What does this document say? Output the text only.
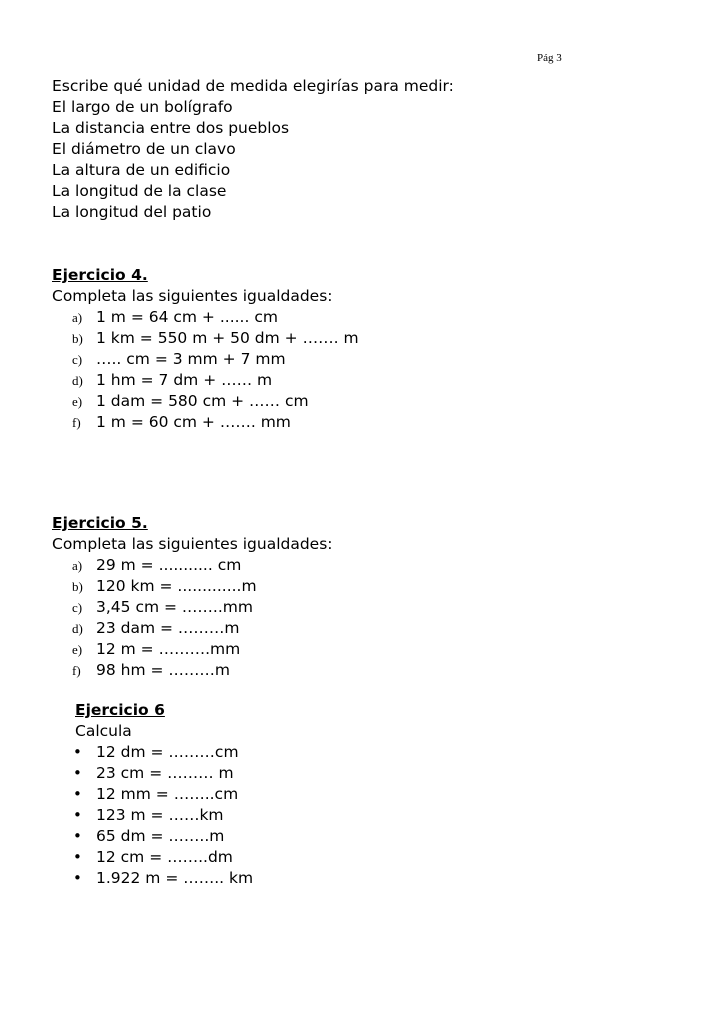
Pág 3
Escribe qué unidad de medida elegirías para medir:
El largo de un bolígrafo
La distancia entre dos pueblos
El diámetro de un clavo
La altura de un edificio
La longitud de la clase
La longitud del patio
Ejercicio 4.
Completa las siguientes igualdades:
a) 1 m = 64 cm + ...... cm
b) 1 km = 550 m + 50 dm + ……. m
c) ….. cm = 3 mm + 7 mm
d) 1 hm = 7 dm + …… m
e) 1 dam = 580 cm + …… cm
f) 1 m = 60 cm + ……. mm
Ejercicio 5.
Completa las siguientes igualdades:
a) 29 m = ........... cm
b) 120 km = .............m
c) 3,45 cm = ……..mm
d) 23 dam = ………m
e) 12 m = ……….mm
f) 98 hm = ………m
Ejercicio 6
Calcula
• 12 dm = ………cm
• 23 cm = ……… m
• 12 mm = ……..cm
• 123 m = ……km
• 65 dm = ……..m
• 12 cm = ……..dm
• 1.922 m = …….. km
